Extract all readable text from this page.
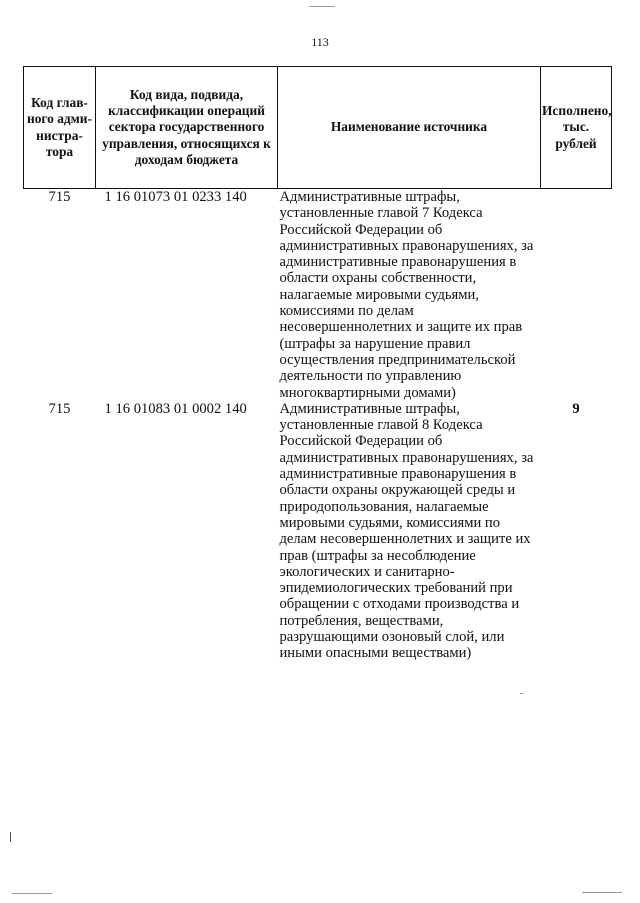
113
Код глав-ного адми-нистра-тора	Код вида, подвида, классификации операций сектора государственного управления, относящихся к доходам бюджета	Наименование источника	Исполнено, тыс. рублей
715	1 16 01073 01 0233 140	Административные штрафы, установленные главой 7 Кодекса Российской Федерации об административных правонарушениях, за административные правонарушения в области охраны собственности, налагаемые мировыми судьями, комиссиями по делам несовершеннолетних и защите их прав (штрафы за нарушение правил осуществления предпринимательской деятельности по управлению многоквартирными домами)	
715	1 16 01083 01 0002 140	Административные штрафы, установленные главой 8 Кодекса Российской Федерации об административных правонарушениях, за административные правонарушения в области охраны окружающей среды и природопользования, налагаемые мировыми судьями, комиссиями по делам несовершеннолетних и защите их прав (штрафы за несоблюдение экологических и санитарно-эпидемиологических требований при обращении с отходами производства и потребления, веществами, разрушающими озоновый слой, или иными опасными веществами)	9
